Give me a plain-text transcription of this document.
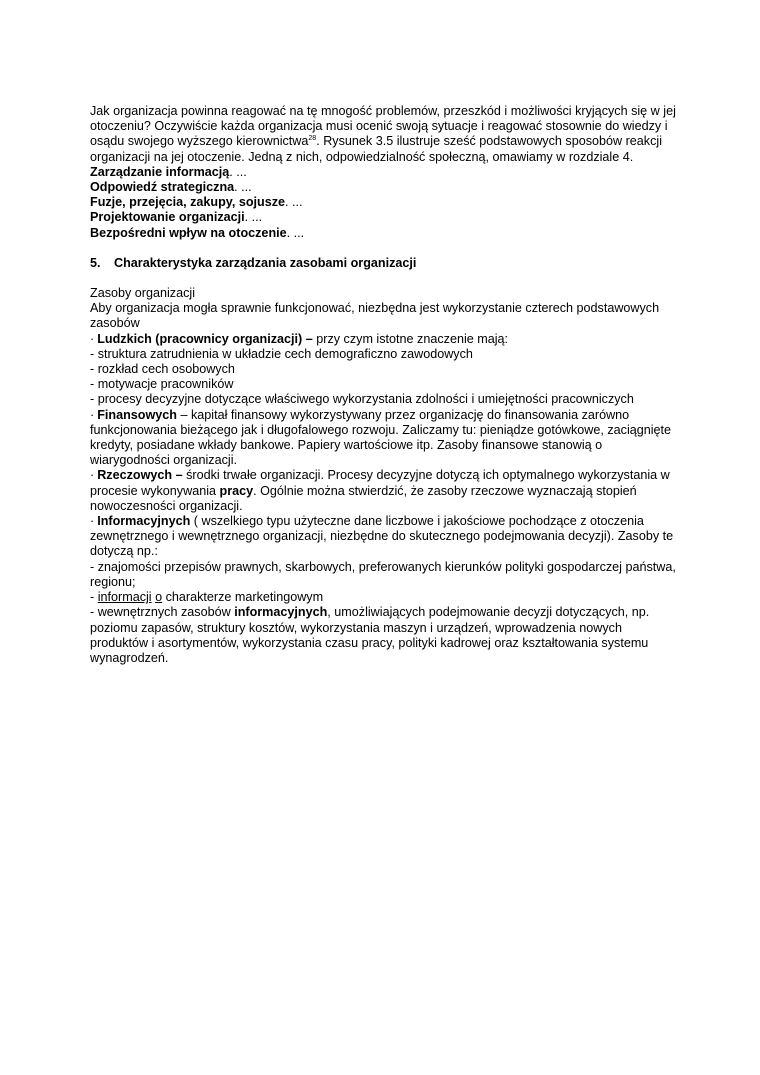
Jak organizacja powinna reagować na tę mnogość problemów, przeszkód i możliwości kryjących się w jej otoczeniu? Oczywiście każda organizacja musi ocenić swoją sytuacje i reagować stosownie do wiedzy i osądu swojego wyższego kierownictwa$^{28}$. Rysunek 3.5 ilustruje sześć podstawowych sposobów reakcji organizacji na jej otoczenie. Jedną z nich, odpowiedzialność społeczną, omawiamy w rozdziale 4.

Zarządzanie informacją. ...

Odpowiedź strategiczna. ...

Fuzje, przejęcia, zakupy, sojusze. ...

Projektowanie organizacji. ...

Bezpośredni wpływ na otoczenie. ...

5.	Charakterystyka zarządzania zasobami organizacji

Zasoby organizacji

Aby organizacja mogła sprawnie funkcjonować, niezbędna jest wykorzystanie czterech podstawowych zasobów

· Ludzkich (pracownicy organizacji) – przy czym istotne znaczenie mają:

- struktura zatrudnienia w układzie cech demograficzno zawodowych

- rozkład cech osobowych

- motywacje pracowników

- procesy decyzyjne dotyczące właściwego wykorzystania zdolności i umiejętności pracowniczych

· Finansowych – kapitał finansowy wykorzystywany przez organizację do finansowania zarówno funkcjonowania bieżącego jak i długofalowego rozwoju. Zaliczamy tu: pieniądze gotówkowe, zaciągnięte kredyty, posiadane wkłady bankowe. Papiery wartościowe itp. Zasoby finansowe stanowią o wiarygodności organizacji.

· Rzeczowych – środki trwałe organizacji. Procesy decyzyjne dotyczą ich optymalnego wykorzystania w procesie wykonywania pracy. Ogólnie można stwierdzić, że zasoby rzeczowe wyznaczają stopień nowoczesności organizacji.

· Informacyjnych ( wszelkiego typu użyteczne dane liczbowe i jakościowe pochodzące z otoczenia zewnętrznego i wewnętrznego organizacji, niezbędne do skutecznego podejmowania decyzji). Zasoby te dotyczą np.:

- znajomości przepisów prawnych, skarbowych, preferowanych kierunków polityki gospodarczej państwa, regionu;

- informacji o charakterze marketingowym

- wewnętrznych zasobów informacyjnych, umożliwiających podejmowanie decyzji dotyczących, np. poziomu zapasów, struktury kosztów, wykorzystania maszyn i urządzeń, wprowadzenia nowych produktów i asortymentów, wykorzystania czasu pracy, polityki kadrowej oraz kształtowania systemu wynagrodzeń.
